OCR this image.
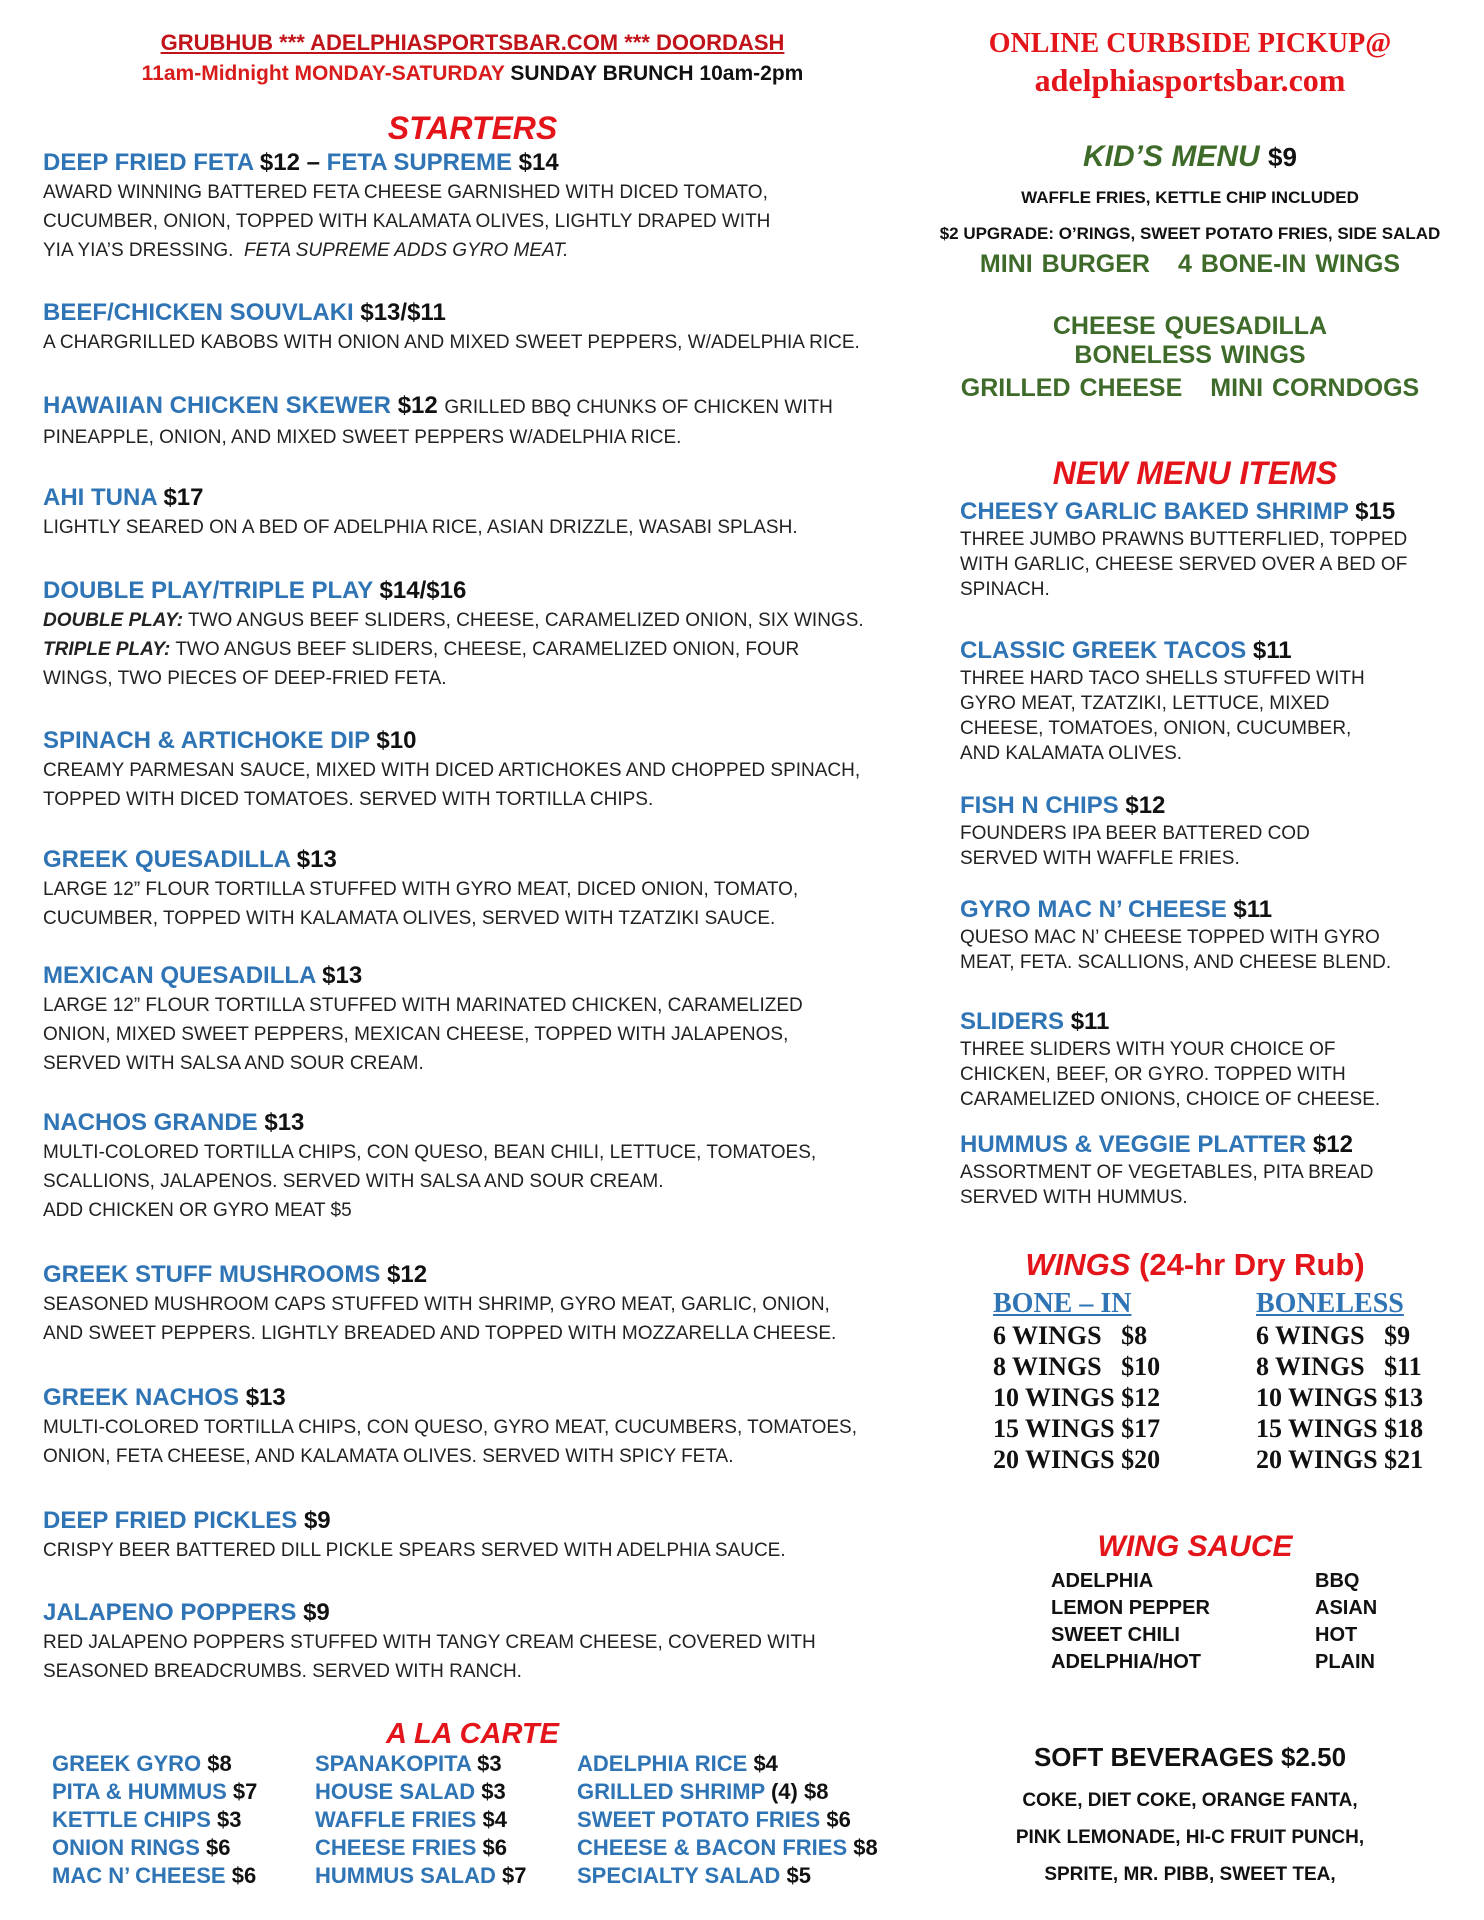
GRUBHUB *** ADELPHIASPORTSBAR.COM *** DOORDASH
11am-Midnight MONDAY-SATURDAY SUNDAY BRUNCH 10am-2pm
ONLINE CURBSIDE PICKUP@
adelphiasportsbar.com
STARTERS
DEEP FRIED FETA $12 – FETA SUPREME $14
AWARD WINNING BATTERED FETA CHEESE GARNISHED WITH DICED TOMATO,
CUCUMBER, ONION, TOPPED WITH KALAMATA OLIVES, LIGHTLY DRAPED WITH
YIA YIA’S DRESSING. FETA SUPREME ADDS GYRO MEAT.
BEEF/CHICKEN SOUVLAKI $13/$11
A CHARGRILLED KABOBS WITH ONION AND MIXED SWEET PEPPERS, W/ADELPHIA RICE.
HAWAIIAN CHICKEN SKEWER $12 GRILLED BBQ CHUNKS OF CHICKEN WITH
PINEAPPLE, ONION, AND MIXED SWEET PEPPERS W/ADELPHIA RICE.
AHI TUNA $17
LIGHTLY SEARED ON A BED OF ADELPHIA RICE, ASIAN DRIZZLE, WASABI SPLASH.
DOUBLE PLAY/TRIPLE PLAY $14/$16
DOUBLE PLAY: TWO ANGUS BEEF SLIDERS, CHEESE, CARAMELIZED ONION, SIX WINGS.
TRIPLE PLAY: TWO ANGUS BEEF SLIDERS, CHEESE, CARAMELIZED ONION, FOUR
WINGS, TWO PIECES OF DEEP-FRIED FETA.
SPINACH & ARTICHOKE DIP $10
CREAMY PARMESAN SAUCE, MIXED WITH DICED ARTICHOKES AND CHOPPED SPINACH,
TOPPED WITH DICED TOMATOES. SERVED WITH TORTILLA CHIPS.
GREEK QUESADILLA $13
LARGE 12” FLOUR TORTILLA STUFFED WITH GYRO MEAT, DICED ONION, TOMATO,
CUCUMBER, TOPPED WITH KALAMATA OLIVES, SERVED WITH TZATZIKI SAUCE.
MEXICAN QUESADILLA $13
LARGE 12” FLOUR TORTILLA STUFFED WITH MARINATED CHICKEN, CARAMELIZED
ONION, MIXED SWEET PEPPERS, MEXICAN CHEESE, TOPPED WITH JALAPENOS,
SERVED WITH SALSA AND SOUR CREAM.
NACHOS GRANDE $13
MULTI-COLORED TORTILLA CHIPS, CON QUESO, BEAN CHILI, LETTUCE, TOMATOES,
SCALLIONS, JALAPENOS. SERVED WITH SALSA AND SOUR CREAM.
ADD CHICKEN OR GYRO MEAT $5
GREEK STUFF MUSHROOMS $12
SEASONED MUSHROOM CAPS STUFFED WITH SHRIMP, GYRO MEAT, GARLIC, ONION,
AND SWEET PEPPERS. LIGHTLY BREADED AND TOPPED WITH MOZZARELLA CHEESE.
GREEK NACHOS $13
MULTI-COLORED TORTILLA CHIPS, CON QUESO, GYRO MEAT, CUCUMBERS, TOMATOES,
ONION, FETA CHEESE, AND KALAMATA OLIVES. SERVED WITH SPICY FETA.
DEEP FRIED PICKLES $9
CRISPY BEER BATTERED DILL PICKLE SPEARS SERVED WITH ADELPHIA SAUCE.
JALAPENO POPPERS $9
RED JALAPENO POPPERS STUFFED WITH TANGY CREAM CHEESE, COVERED WITH
SEASONED BREADCRUMBS. SERVED WITH RANCH.
A LA CARTE
GREEK GYRO $8
PITA & HUMMUS $7
KETTLE CHIPS $3
ONION RINGS $6
MAC N’ CHEESE $6
SPANAKOPITA $3
HOUSE SALAD $3
WAFFLE FRIES $4
CHEESE FRIES $6
HUMMUS SALAD $7
ADELPHIA RICE $4
GRILLED SHRIMP (4) $8
SWEET POTATO FRIES $6
CHEESE & BACON FRIES $8
SPECIALTY SALAD $5
KID’S MENU $9
WAFFLE FRIES, KETTLE CHIP INCLUDED
$2 UPGRADE: O’RINGS, SWEET POTATO FRIES, SIDE SALAD
MINI BURGER 4 BONE-IN WINGS
CHEESE QUESADILLABONELESS WINGS
GRILLED CHEESE MINI CORNDOGS
NEW MENU ITEMS
CHEESY GARLIC BAKED SHRIMP $15
THREE JUMBO PRAWNS BUTTERFLIED, TOPPED
WITH GARLIC, CHEESE SERVED OVER A BED OF
SPINACH.
CLASSIC GREEK TACOS $11
THREE HARD TACO SHELLS STUFFED WITH
GYRO MEAT, TZATZIKI, LETTUCE, MIXED
CHEESE, TOMATOES, ONION, CUCUMBER,
AND KALAMATA OLIVES.
FISH N CHIPS $12
FOUNDERS IPA BEER BATTERED COD
SERVED WITH WAFFLE FRIES.
GYRO MAC N’ CHEESE $11
QUESO MAC N’ CHEESE TOPPED WITH GYRO
MEAT, FETA. SCALLIONS, AND CHEESE BLEND.
SLIDERS $11
THREE SLIDERS WITH YOUR CHOICE OF
CHICKEN, BEEF, OR GYRO. TOPPED WITH
CARAMELIZED ONIONS, CHOICE OF CHEESE.
HUMMUS & VEGGIE PLATTER $12
ASSORTMENT OF VEGETABLES, PITA BREAD
SERVED WITH HUMMUS.
WINGS (24-hr Dry Rub)
BONE – IN
6 WINGS   $8
8 WINGS   $10
10 WINGS $12
15 WINGS $17
20 WINGS $20
BONELESS
6 WINGS   $9
8 WINGS   $11
10 WINGS $13
15 WINGS $18
20 WINGS $21
WING SAUCE
ADELPHIA
LEMON PEPPER
SWEET CHILI
ADELPHIA/HOT
BBQ
ASIAN
HOT
PLAIN
SOFT BEVERAGES $2.50
COKE, DIET COKE, ORANGE FANTA,
PINK LEMONADE, HI-C FRUIT PUNCH,
SPRITE, MR. PIBB, SWEET TEA,
